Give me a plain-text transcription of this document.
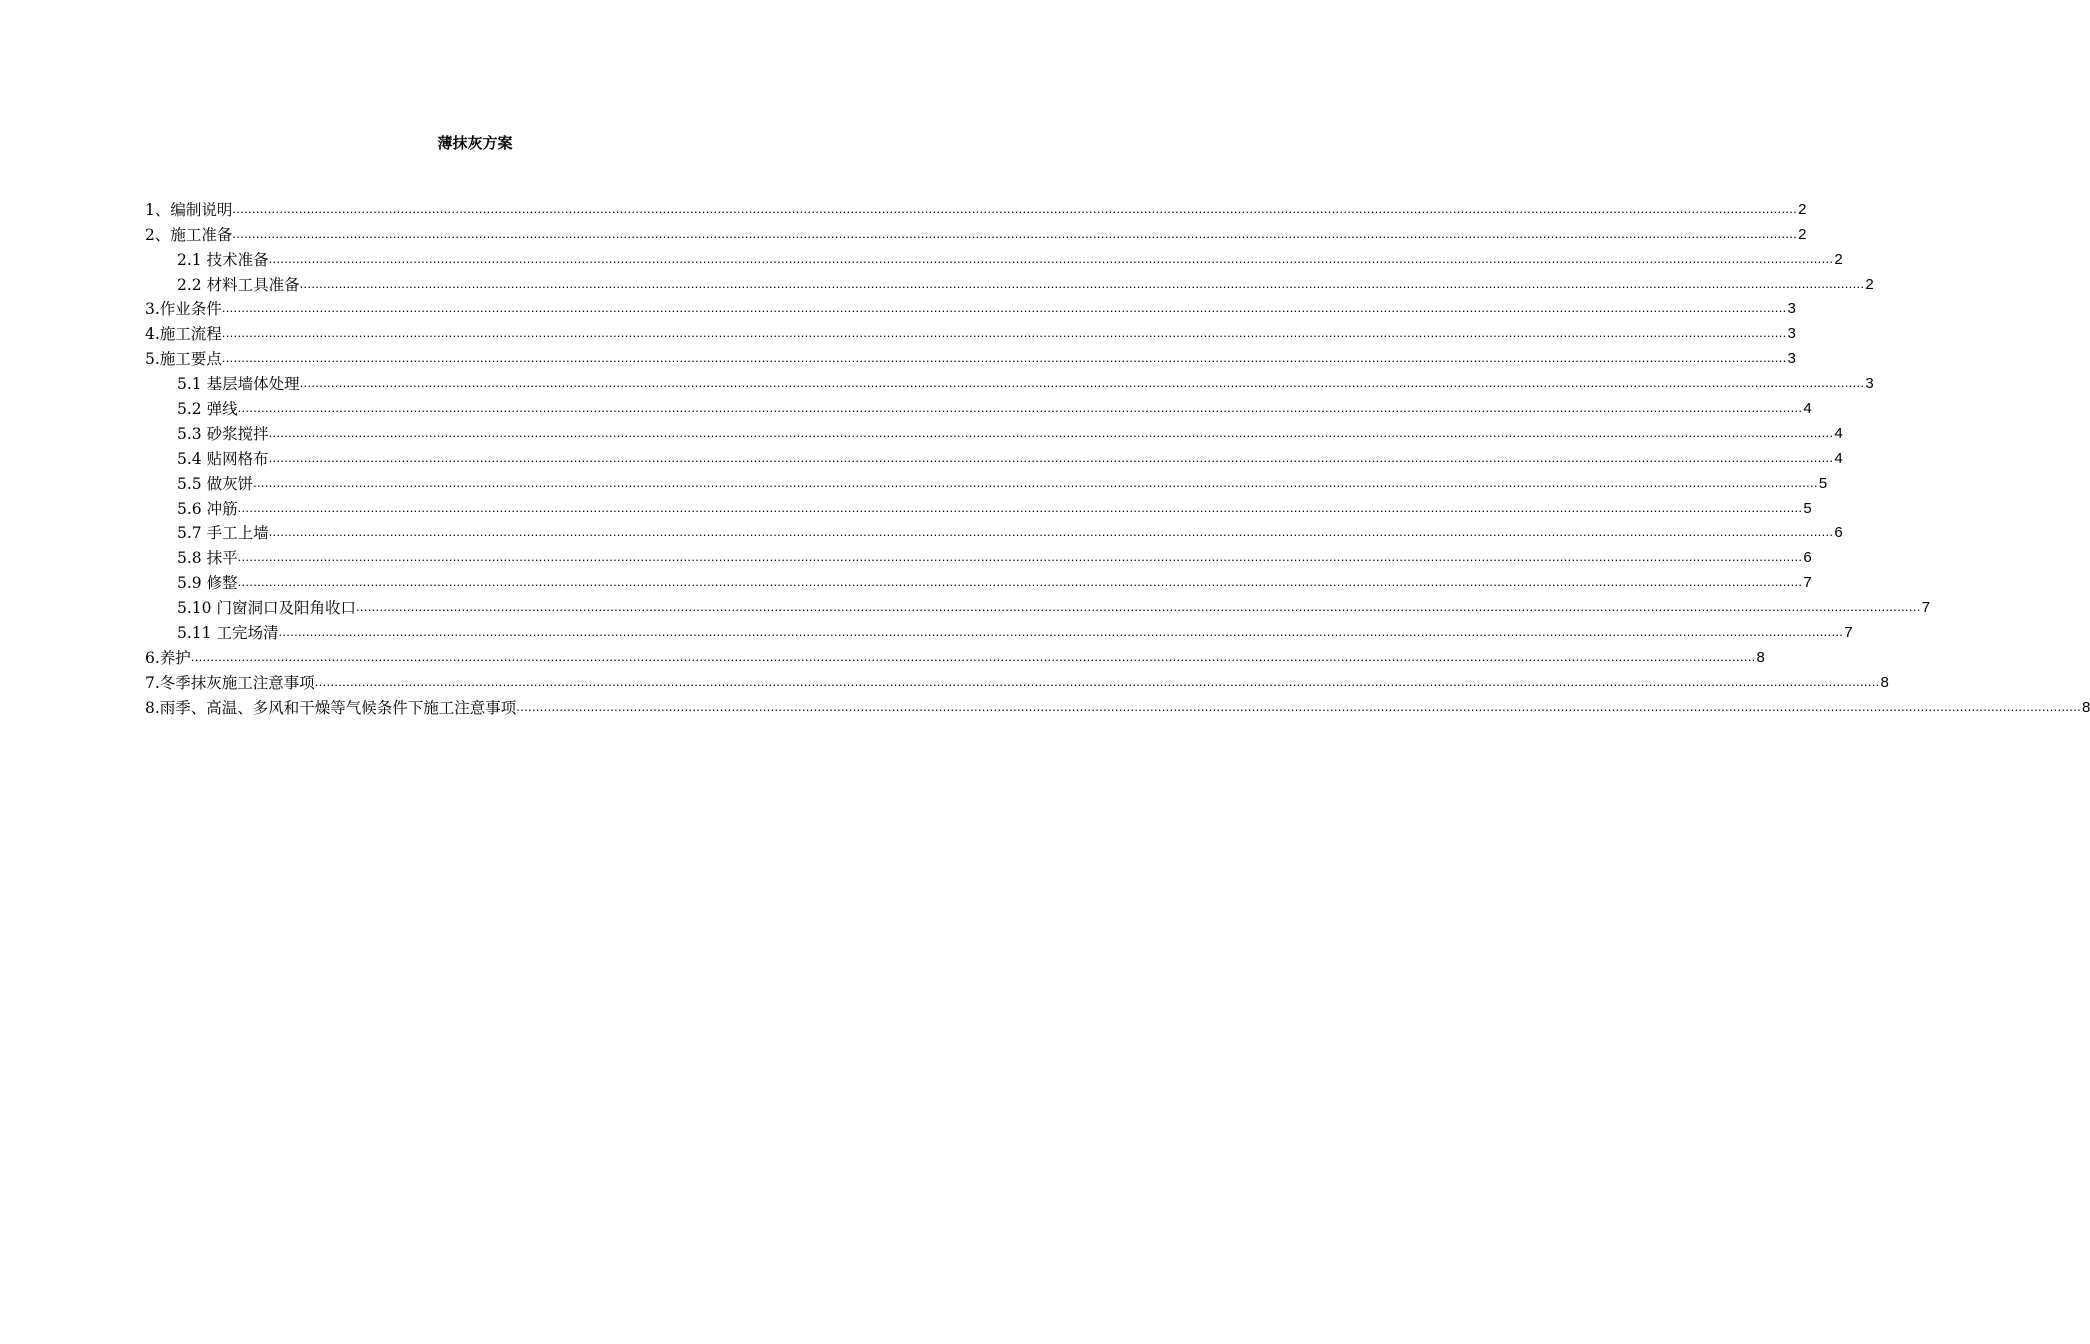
薄抹灰方案
1、编制说明 ................................................................................................................................................................................................................................................................................................................................................................................................................ 2
2、施工准备 ................................................................................................................................................................................................................................................................................................................................................................................................................ 2
2.1 技术准备 ................................................................................................................................................................................................................................................................................................................................................................................................................ 2
2.2 材料工具准备 ................................................................................................................................................................................................................................................................................................................................................................................................................ 2
3.作业条件 ................................................................................................................................................................................................................................................................................................................................................................................................................ 3
4.施工流程 ................................................................................................................................................................................................................................................................................................................................................................................................................ 3
5.施工要点 ................................................................................................................................................................................................................................................................................................................................................................................................................ 3
5.1 基层墙体处理 ................................................................................................................................................................................................................................................................................................................................................................................................................ 3
5.2 弹线 ................................................................................................................................................................................................................................................................................................................................................................................................................ 4
5.3 砂浆搅拌 ................................................................................................................................................................................................................................................................................................................................................................................................................ 4
5.4 贴网格布 ................................................................................................................................................................................................................................................................................................................................................................................................................ 4
5.5 做灰饼 ................................................................................................................................................................................................................................................................................................................................................................................................................ 5
5.6 冲筋 ................................................................................................................................................................................................................................................................................................................................................................................................................ 5
5.7 手工上墙 ................................................................................................................................................................................................................................................................................................................................................................................................................ 6
5.8 抹平 ................................................................................................................................................................................................................................................................................................................................................................................................................ 6
5.9 修整 ................................................................................................................................................................................................................................................................................................................................................................................................................ 7
5.10 门窗洞口及阳角收口 ................................................................................................................................................................................................................................................................................................................................................................................................................ 7
5.11 工完场清 ................................................................................................................................................................................................................................................................................................................................................................................................................ 7
6.养护 ................................................................................................................................................................................................................................................................................................................................................................................................................ 8
7.冬季抹灰施工注意事项 ................................................................................................................................................................................................................................................................................................................................................................................................................ 8
8.雨季、高温、多风和干燥等气候条件下施工注意事项 ................................................................................................................................................................................................................................................................................................................................................................................................................ 8
